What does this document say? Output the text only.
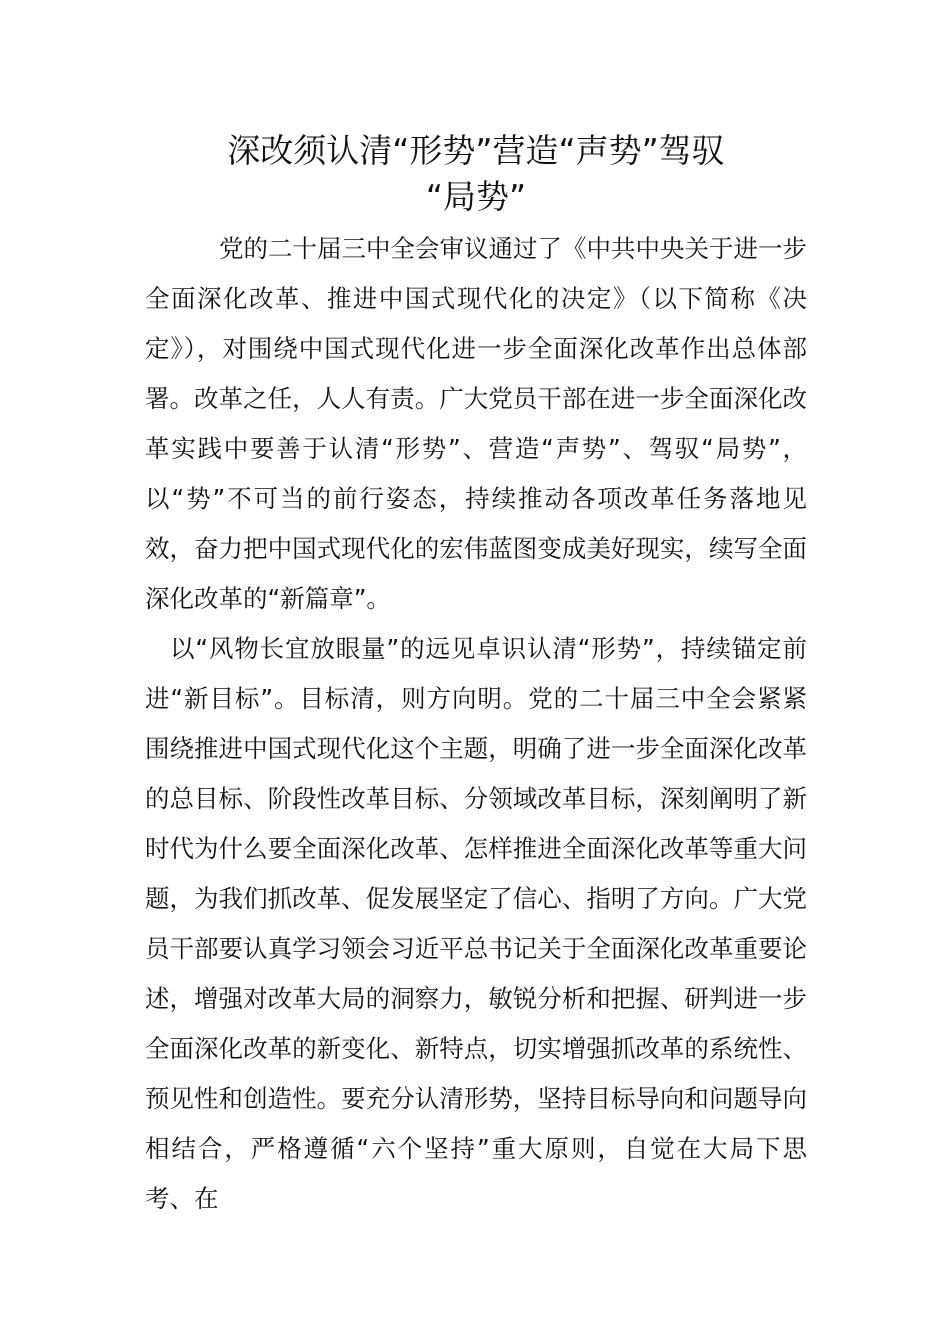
深改须认清“形势”营造“声势”驾驭
“局势”

党的二十届三中全会审议通过了《中共中央关于进一步全面深化改革、推进中国式现代化的决定》（以下简称《决定》），对围绕中国式现代化进一步全面深化改革作出总体部署。改革之任，人人有责。广大党员干部在进一步全面深化改革实践中要善于认清“形势”、营造“声势”、驾驭“局势”，以“势”不可当的前行姿态，持续推动各项改革任务落地见效，奋力把中国式现代化的宏伟蓝图变成美好现实，续写全面深化改革的“新篇章”。

以“风物长宜放眼量”的远见卓识认清“形势”，持续锚定前进“新目标”。目标清，则方向明。党的二十届三中全会紧紧围绕推进中国式现代化这个主题，明确了进一步全面深化改革的总目标、阶段性改革目标、分领域改革目标，深刻阐明了新时代为什么要全面深化改革、怎样推进全面深化改革等重大问题，为我们抓改革、促发展坚定了信心、指明了方向。广大党员干部要认真学习领会习近平总书记关于全面深化改革重要论述，增强对改革大局的洞察力，敏锐分析和把握、研判进一步全面深化改革的新变化、新特点，切实增强抓改革的系统性、预见性和创造性。要充分认清形势，坚持目标导向和问题导向相结合，严格遵循“六个坚持”重大原则，自觉在大局下思考、在
